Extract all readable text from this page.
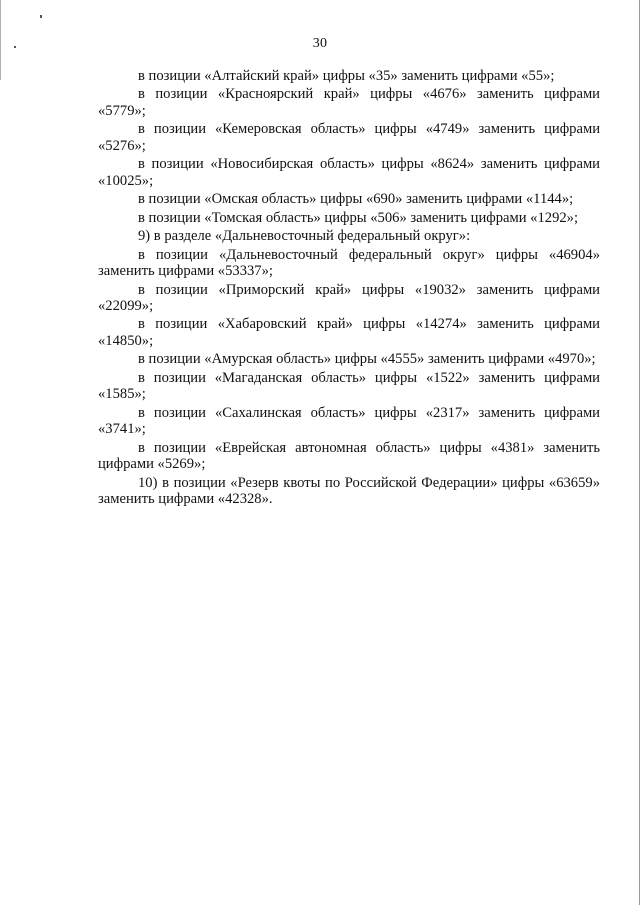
30

в позиции «Алтайский край» цифры «35» заменить цифрами «55»;

в позиции «Красноярский край» цифры «4676» заменить цифрами «5779»;

в позиции «Кемеровская область» цифры «4749» заменить цифрами «5276»;

в позиции «Новосибирская область» цифры «8624» заменить цифрами «10025»;

в позиции «Омская область» цифры «690» заменить цифрами «1144»;

в позиции «Томская область» цифры «506» заменить цифрами «1292»;

9) в разделе «Дальневосточный федеральный округ»:

в позиции «Дальневосточный федеральный округ» цифры «46904» заменить цифрами «53337»;

в позиции «Приморский край» цифры «19032» заменить цифрами «22099»;

в позиции «Хабаровский край» цифры «14274» заменить цифрами «14850»;

в позиции «Амурская область» цифры «4555» заменить цифрами «4970»;

в позиции «Магаданская область» цифры «1522» заменить цифрами «1585»;

в позиции «Сахалинская область» цифры «2317» заменить цифрами «3741»;

в позиции «Еврейская автономная область» цифры «4381» заменить цифрами «5269»;

10) в позиции «Резерв квоты по Российской Федерации» цифры «63659» заменить цифрами «42328».
